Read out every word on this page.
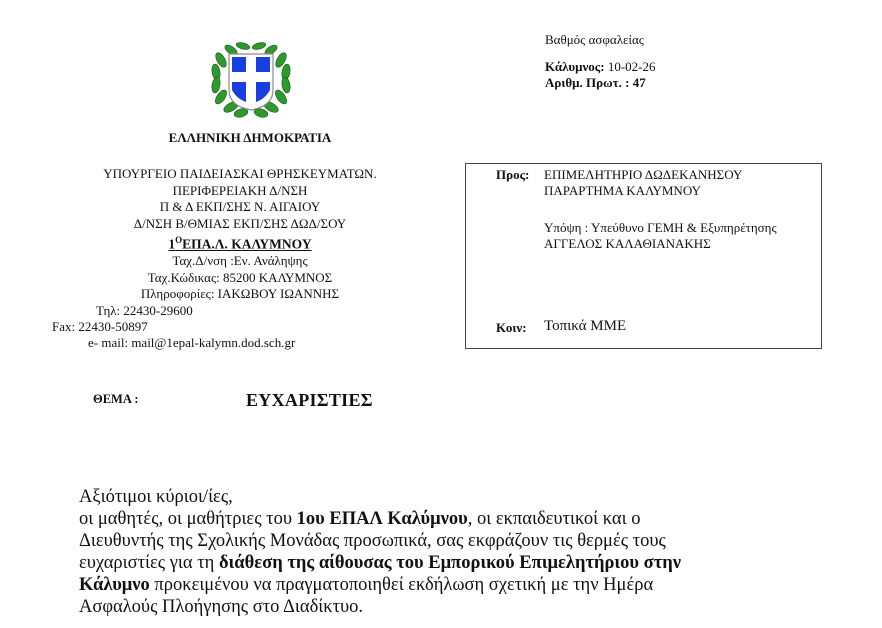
ΕΛΛΗΝΙΚΗ ΔΗΜΟΚΡΑΤΙΑ
ΥΠΟΥΡΓΕΙΟ ΠΑΙΔΕΙΑΣΚΑΙ ΘΡΗΣΚΕΥΜΑΤΩΝ.
ΠΕΡΙΦΕΡΕΙΑΚΗ Δ/ΝΣΗ
Π & Δ ΕΚΠ/ΣΗΣ Ν. ΑΙΓΑΙΟΥ
Δ/ΝΣΗ Β/ΘΜΙΑΣ ΕΚΠ/ΣΗΣ ΔΩΔ/ΣΟΥ
$1^OE\Pi A.\Lambda$. ΚΑΛΥΜΝΟΥ
Ταχ.Δ/νση :Εν. Ανάληψης
Ταχ.Κώδικας: 85200 ΚΑΛΥΜΝΟΣ
Πληροφορίες: ΙΑΚΩΒΟΥ ΙΩΑΝΝΗΣ
Τηλ: 22430-29600
Fax: 22430-50897
e- mail: mail@1epal-kalymn.dod.sch.gr
Βαθμός ασφαλείας
Κάλυμνος: 10-02-26
Αριθμ. Πρωτ. : 47
Προς: ΕΠΙΜΕΛΗΤΗΡΙΟ ΔΩΔΕΚΑΝΗΣΟΥ
ΠΑΡΑΡΤΗΜΑ ΚΑΛΥΜΝΟΥ
Υπόψη : Υπεύθυνο ΓΕΜΗ & Εξυπηρέτησης
ΑΓΓΕΛΟΣ ΚΑΛΑΘΙΑΝΑΚΗΣ
Κοιν: Τοπικά ΜΜΕ
ΘΕΜΑ :	ΕΥΧΑΡΙΣΤΙΕΣ
Αξιότιμοι κύριοι/ίες,
οι μαθητές, οι μαθήτριες του 1ου ΕΠΑΛ Καλύμνου, οι εκπαιδευτικοί και ο
Διευθυντής της Σχολικής Μονάδας προσωπικά, σας εκφράζουν τις θερμές τους
ευχαριστίες για τη διάθεση της αίθουσας του Εμπορικού Επιμελητήριου στην
Κάλυμνο προκειμένου να πραγματοποιηθεί εκδήλωση σχετική με την Ημέρα
Ασφαλούς Πλοήγησης στο Διαδίκτυο.
